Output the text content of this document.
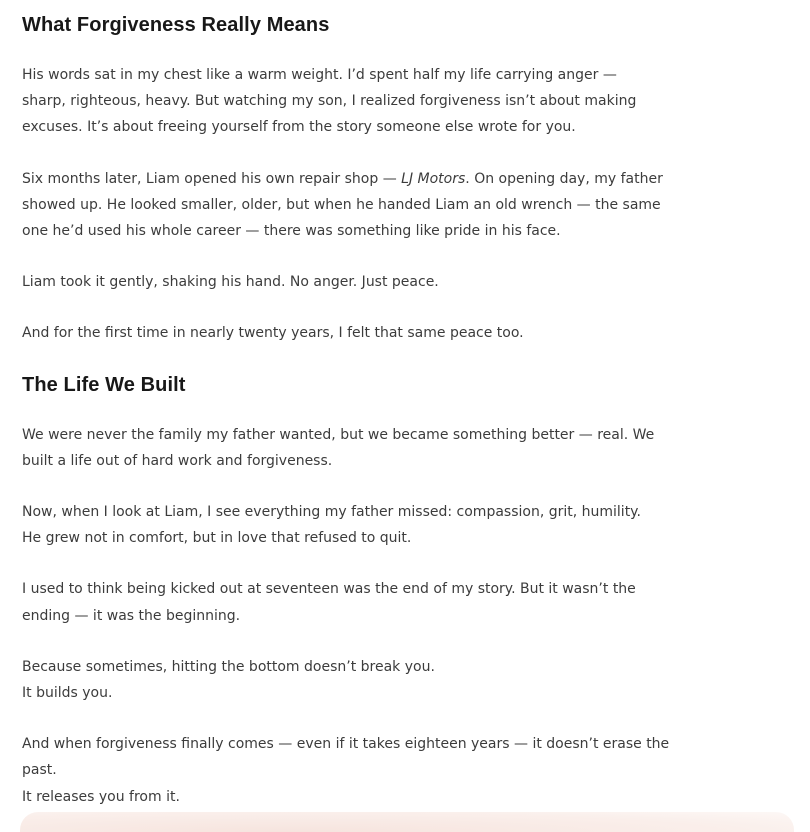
What Forgiveness Really Means

His words sat in my chest like a warm weight. I’d spent half my life carrying anger —
sharp, righteous, heavy. But watching my son, I realized forgiveness isn’t about making
excuses. It’s about freeing yourself from the story someone else wrote for you.

Six months later, Liam opened his own repair shop — LJ Motors. On opening day, my father
showed up. He looked smaller, older, but when he handed Liam an old wrench — the same
one he’d used his whole career — there was something like pride in his face.

Liam took it gently, shaking his hand. No anger. Just peace.

And for the first time in nearly twenty years, I felt that same peace too.

The Life We Built

We were never the family my father wanted, but we became something better — real. We
built a life out of hard work and forgiveness.

Now, when I look at Liam, I see everything my father missed: compassion, grit, humility.
He grew not in comfort, but in love that refused to quit.

I used to think being kicked out at seventeen was the end of my story. But it wasn’t the
ending — it was the beginning.

Because sometimes, hitting the bottom doesn’t break you.
It builds you.

And when forgiveness finally comes — even if it takes eighteen years — it doesn’t erase the
past.
It releases you from it.
